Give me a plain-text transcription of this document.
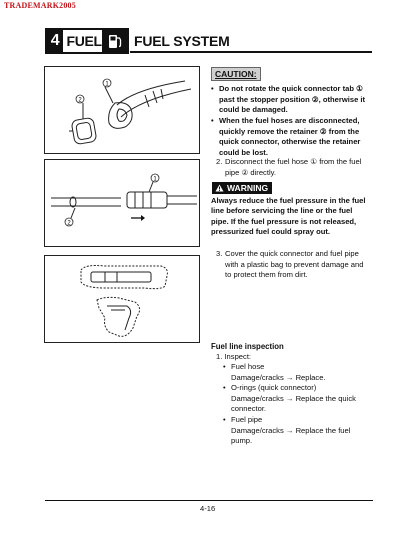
TRADEMARK2005
4 FUEL FUEL SYSTEM
2
1
2
1
CAUTION:
• Do not rotate the quick connector tab ①
past the stopper position ②, otherwise it
could be damaged.
• When the fuel hoses are disconnected,
quickly remove the retainer ② from the
quick connector, otherwise the retainer
could be lost.
2. Disconnect the fuel hose ① from the fuel
pipe ② directly.
WARNING
Always reduce the fuel pressure in the fuel
line before servicing the line or the fuel
pipe. If the fuel pressure is not released,
pressurized fuel could spray out.
3. Cover the quick connector and fuel pipe
with a plastic bag to prevent damage and
to protect them from dirt.
Fuel line inspection
1. Inspect:
• Fuel hose
Damage/cracks → Replace.
• O-rings (quick connector)
Damage/cracks → Replace the quick
connector.
• Fuel pipe
Damage/cracks → Replace the fuel
pump.
4-16
